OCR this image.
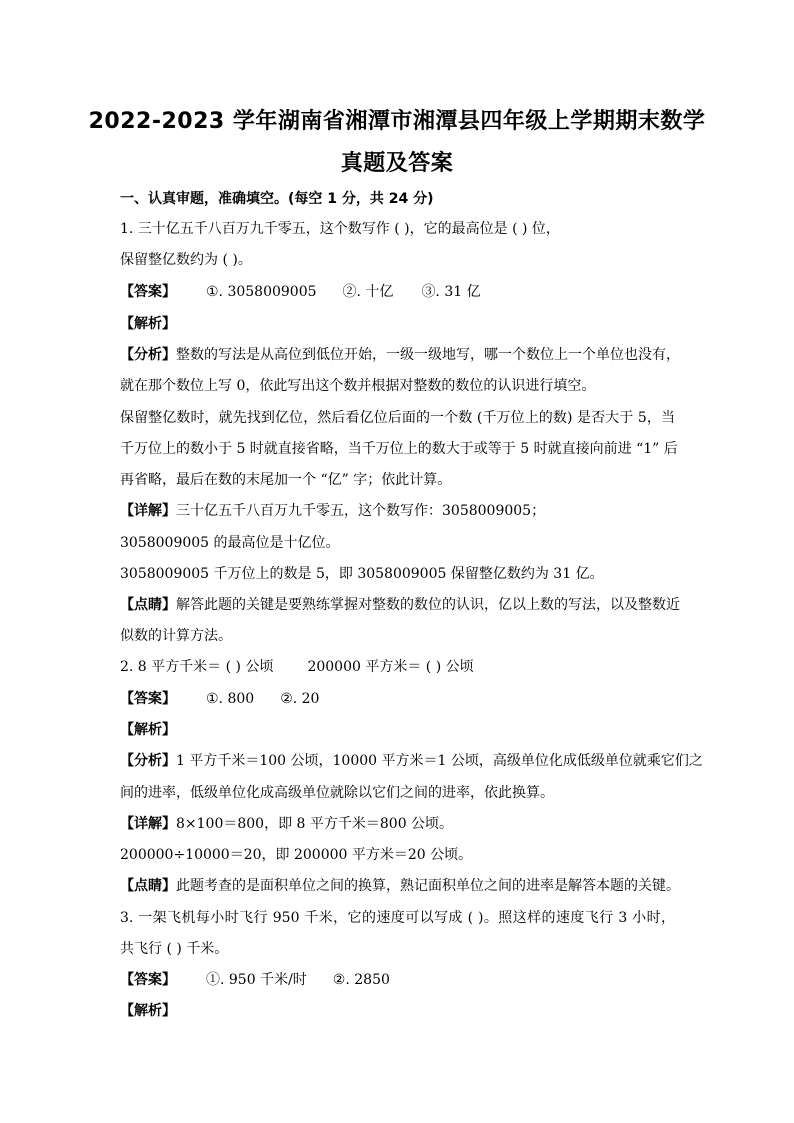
2022-2023 学年湖南省湘潭市湘潭县四年级上学期期末数学
真题及答案
一、认真审题，准确填空。(每空 1 分，共 24 分)
1. 三十亿五千八百万九千零五，这个数写作 ( )，它的最高位是 ( ) 位，
保留整亿数约为 ( )。
【答案】 ①. 3058009005 ②. 十亿 ③. 31 亿
【解析】
【分析】整数的写法是从高位到低位开始，一级一级地写，哪一个数位上一个单位也没有，
就在那个数位上写 0，依此写出这个数并根据对整数的数位的认识进行填空。
保留整亿数时，就先找到亿位，然后看亿位后面的一个数 (千万位上的数) 是否大于 5，当
千万位上的数小于 5 时就直接省略，当千万位上的数大于或等于 5 时就直接向前进 “1” 后
再省略，最后在数的末尾加一个 “亿” 字；依此计算。
【详解】三十亿五千八百万九千零五，这个数写作：3058009005；
3058009005 的最高位是十亿位。
3058009005 千万位上的数是 5，即 3058009005 保留整亿数约为 31 亿。
【点睛】解答此题的关键是要熟练掌握对整数的数位的认识，亿以上数的写法，以及整数近
似数的计算方法。
2. 8 平方千米＝ ( ) 公顷 200000 平方米＝ ( ) 公顷
【答案】 ①. 800 ②. 20
【解析】
【分析】1 平方千米＝100 公顷，10000 平方米＝1 公顷，高级单位化成低级单位就乘它们之
间的进率，低级单位化成高级单位就除以它们之间的进率，依此换算。
【详解】8×100＝800，即 8 平方千米＝800 公顷。
200000÷10000＝20，即 200000 平方米＝20 公顷。
【点睛】此题考查的是面积单位之间的换算，熟记面积单位之间的进率是解答本题的关键。
3. 一架飞机每小时飞行 950 千米，它的速度可以写成 ( )。照这样的速度飞行 3 小时，
共飞行 ( ) 千米。
【答案】 ①. 950 千米/时 ②. 2850
【解析】
